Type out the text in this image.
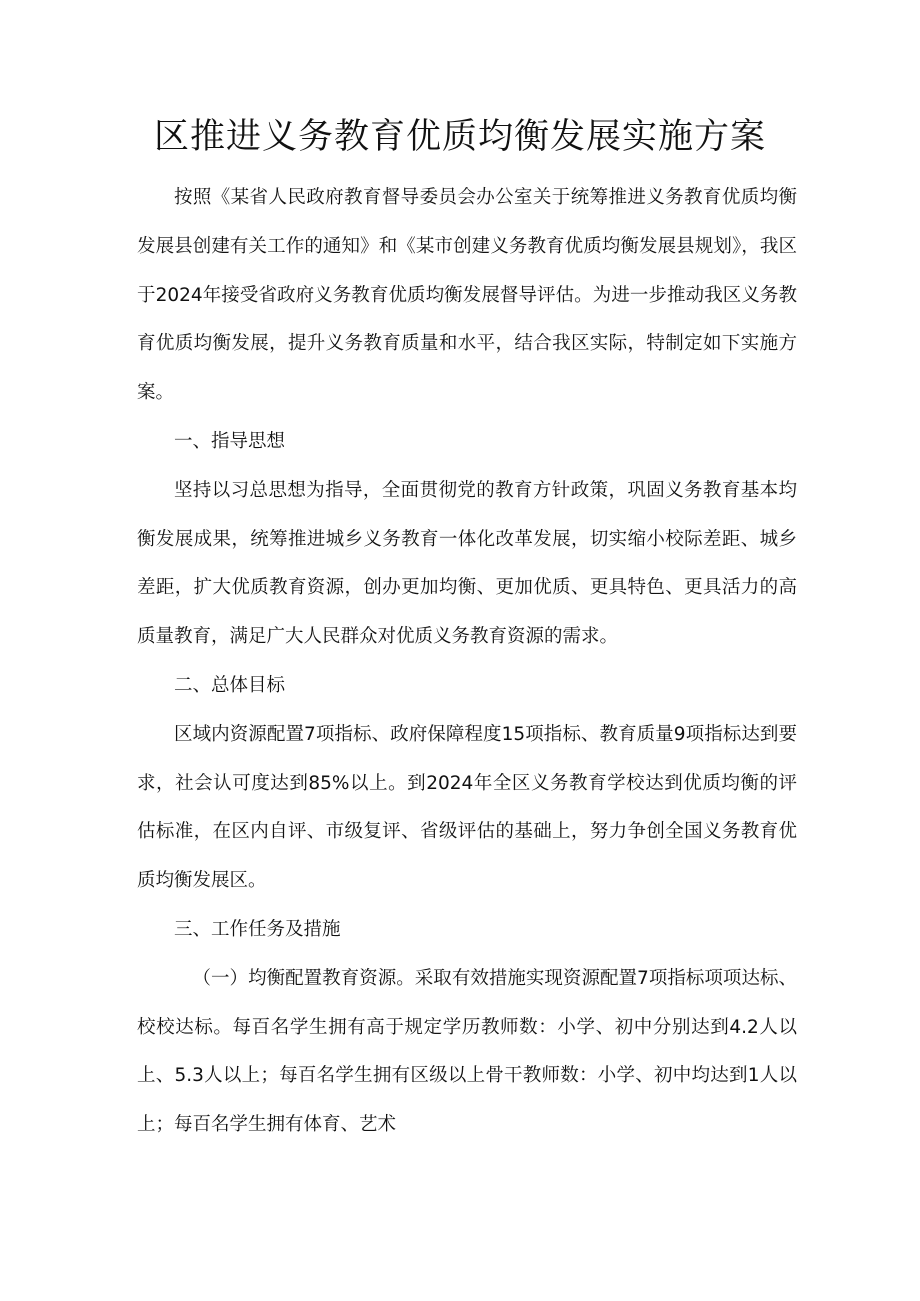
区推进义务教育优质均衡发展实施方案

按照《某省人民政府教育督导委员会办公室关于统筹推进义务教育优质均衡发展县创建有关工作的通知》和《某市创建义务教育优质均衡发展县规划》，我区于2024年接受省政府义务教育优质均衡发展督导评估。为进一步推动我区义务教育优质均衡发展，提升义务教育质量和水平，结合我区实际，特制定如下实施方案。

一、指导思想

坚持以习总思想为指导，全面贯彻党的教育方针政策，巩固义务教育基本均衡发展成果，统筹推进城乡义务教育一体化改革发展，切实缩小校际差距、城乡差距，扩大优质教育资源，创办更加均衡、更加优质、更具特色、更具活力的高质量教育，满足广大人民群众对优质义务教育资源的需求。

二、总体目标

区域内资源配置7项指标、政府保障程度15项指标、教育质量9项指标达到要求，社会认可度达到85%以上。到2024年全区义务教育学校达到优质均衡的评估标准，在区内自评、市级复评、省级评估的基础上，努力争创全国义务教育优质均衡发展区。

三、工作任务及措施

（一）均衡配置教育资源。采取有效措施实现资源配置7项指标项项达标、校校达标。每百名学生拥有高于规定学历教师数：小学、初中分别达到4.2人以上、5.3人以上；每百名学生拥有区级以上骨干教师数：小学、初中均达到1人以上；每百名学生拥有体育、艺术
